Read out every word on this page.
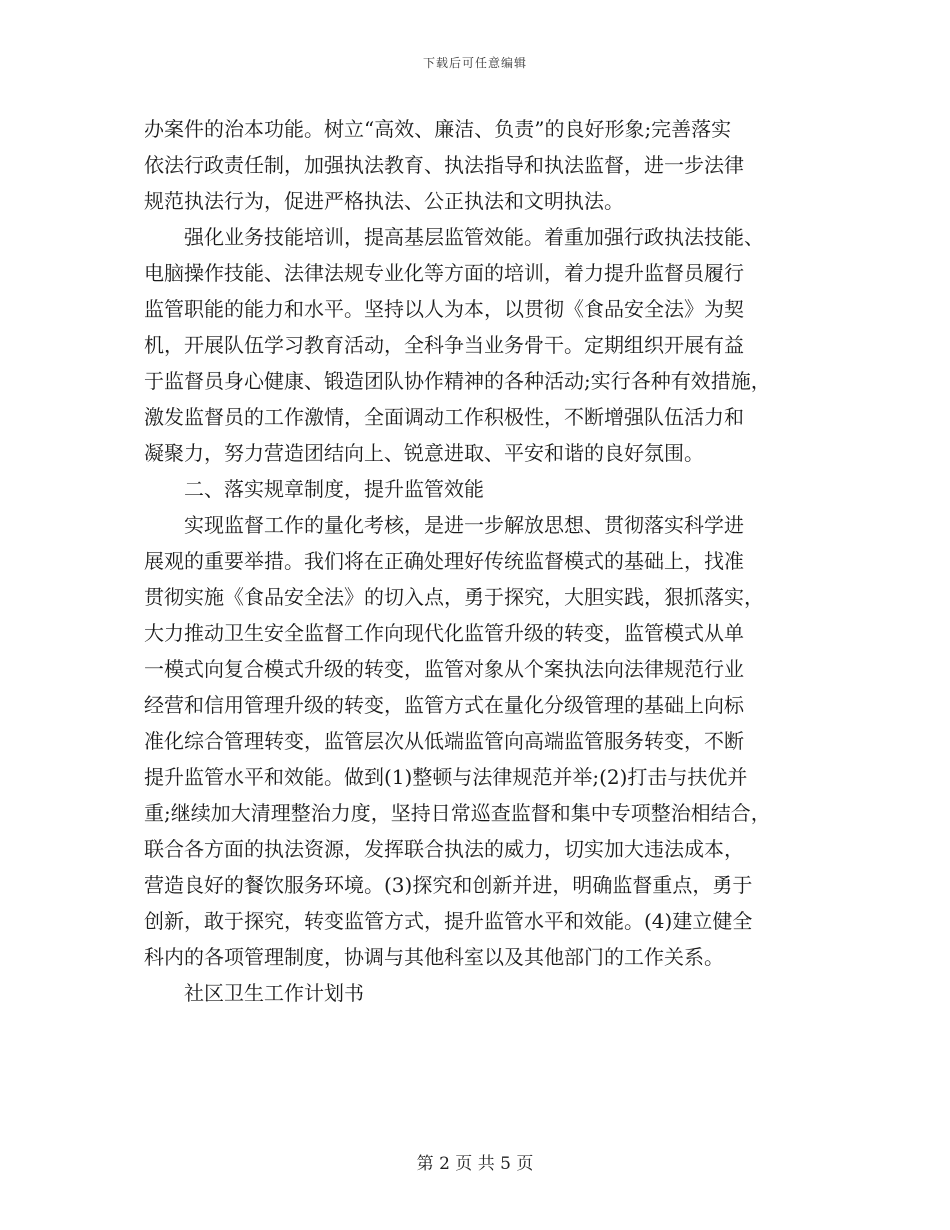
下载后可任意编辑
办案件的治本功能。树立“高效、廉洁、负责”的良好形象;完善落实
依法行政责任制，加强执法教育、执法指导和执法监督，进一步法律
规范执法行为，促进严格执法、公正执法和文明执法。
强化业务技能培训，提高基层监管效能。着重加强行政执法技能、
电脑操作技能、法律法规专业化等方面的培训，着力提升监督员履行
监管职能的能力和水平。坚持以人为本，以贯彻《食品安全法》为契
机，开展队伍学习教育活动，全科争当业务骨干。定期组织开展有益
于监督员身心健康、锻造团队协作精神的各种活动;实行各种有效措施，
激发监督员的工作激情，全面调动工作积极性，不断增强队伍活力和
凝聚力，努力营造团结向上、锐意进取、平安和谐的良好氛围。
二、落实规章制度，提升监管效能
实现监督工作的量化考核，是进一步解放思想、贯彻落实科学进
展观的重要举措。我们将在正确处理好传统监督模式的基础上，找准
贯彻实施《食品安全法》的切入点，勇于探究，大胆实践，狠抓落实，
大力推动卫生安全监督工作向现代化监管升级的转变，监管模式从单
一模式向复合模式升级的转变，监管对象从个案执法向法律规范行业
经营和信用管理升级的转变，监管方式在量化分级管理的基础上向标
准化综合管理转变，监管层次从低端监管向高端监管服务转变，不断
提升监管水平和效能。做到(1)整顿与法律规范并举;(2)打击与扶优并
重;继续加大清理整治力度，坚持日常巡查监督和集中专项整治相结合，
联合各方面的执法资源，发挥联合执法的威力，切实加大违法成本，
营造良好的餐饮服务环境。(3)探究和创新并进，明确监督重点，勇于
创新，敢于探究，转变监管方式，提升监管水平和效能。(4)建立健全
科内的各项管理制度，协调与其他科室以及其他部门的工作关系。
社区卫生工作计划书
第 2 页 共 5 页
